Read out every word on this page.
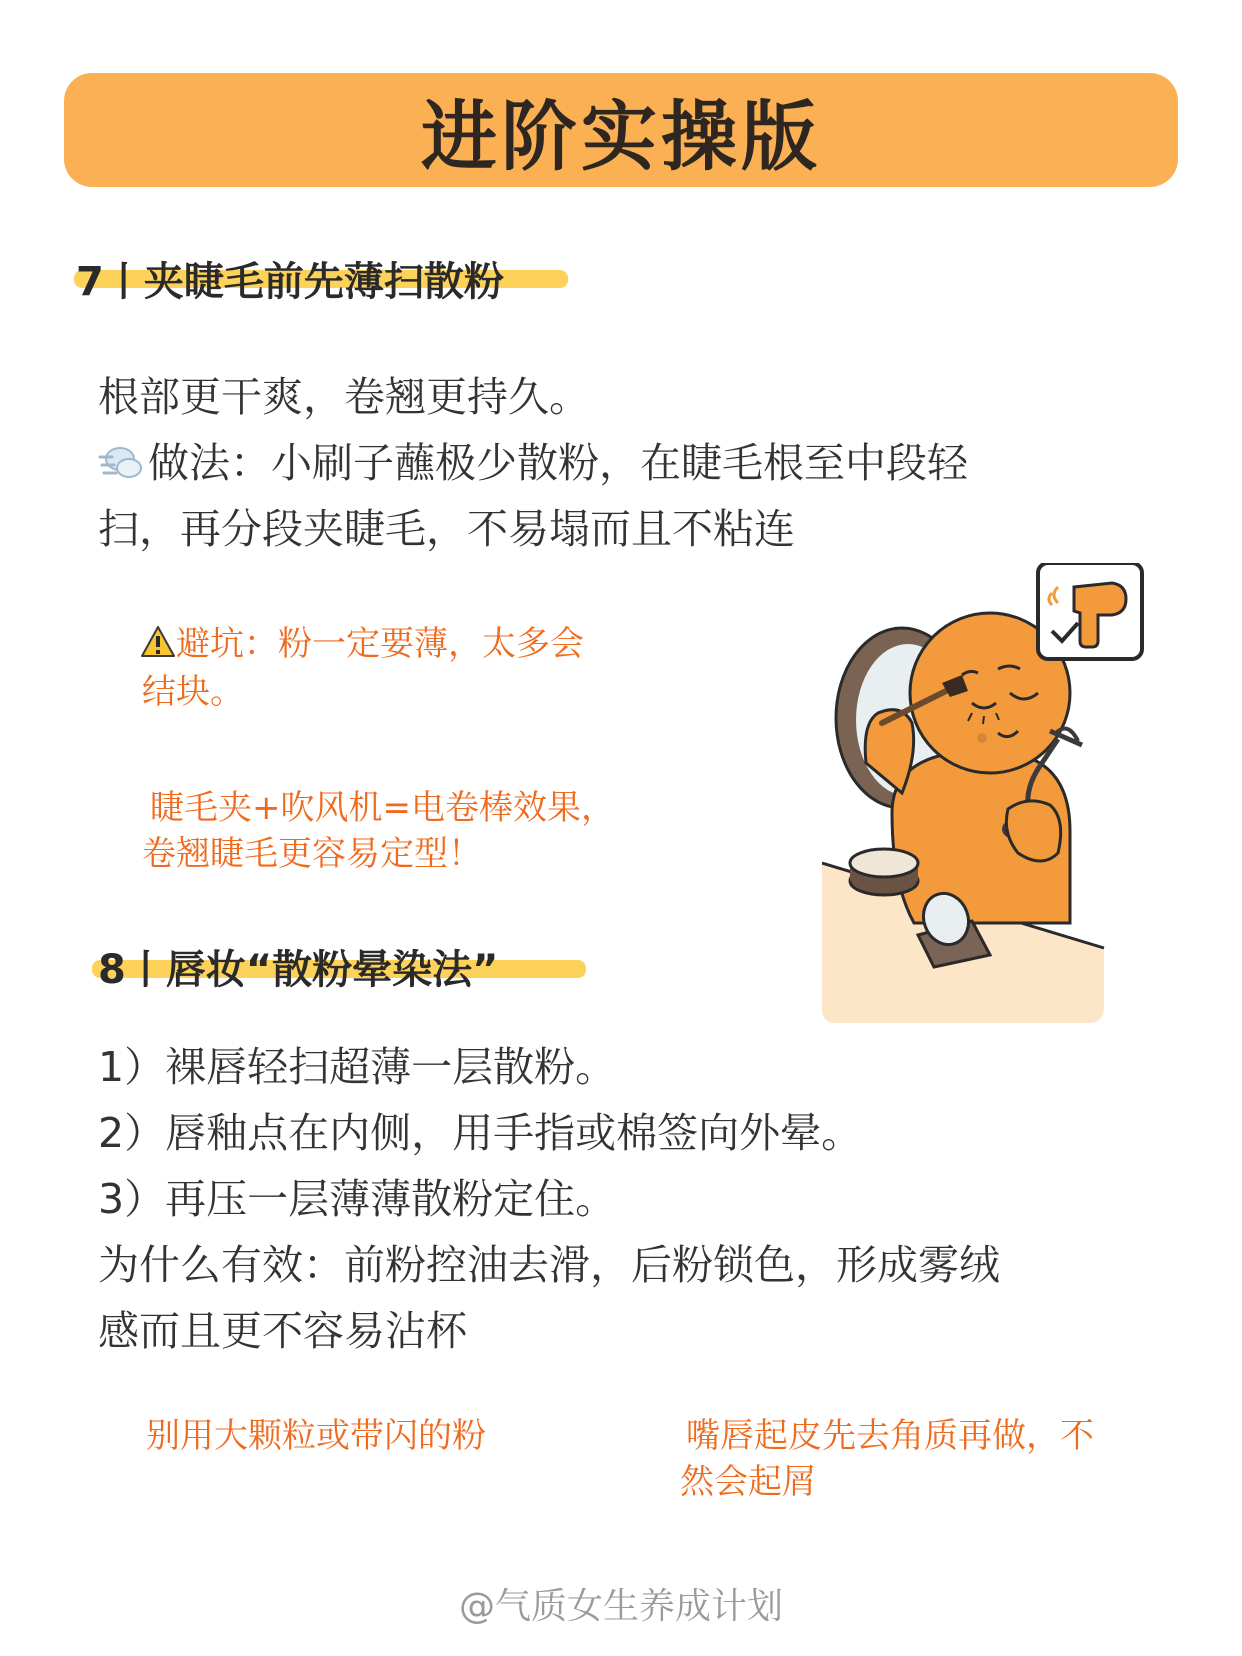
进阶实操版
7丨夹睫毛前先薄扫散粉
根部更干爽，卷翘更持久。
做法：小刷子蘸极少散粉，在睫毛根至中段轻
扫，再分段夹睫毛，不易塌而且不粘连
避坑：粉一定要薄，太多会
结块。
睫毛夹+吹风机=电卷棒效果，
卷翘睫毛更容易定型！
8丨唇妆“散粉晕染法”
1）裸唇轻扫超薄一层散粉。
2）唇釉点在内侧，用手指或棉签向外晕。
3）再压一层薄薄散粉定住。
为什么有效：前粉控油去滑，后粉锁色，形成雾绒
感而且更不容易沾杯
别用大颗粒或带闪的粉	嘴唇起皮先去角质再做，不
然会起屑
@气质女生养成计划
